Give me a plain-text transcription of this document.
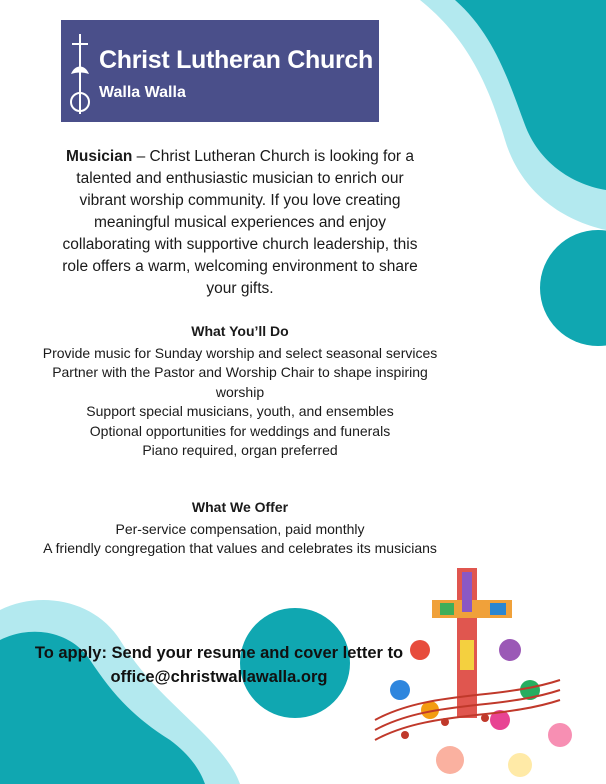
Christ Lutheran Church
Walla Walla
Musician – Christ Lutheran Church is looking for a talented and enthusiastic musician to enrich our vibrant worship community. If you love creating meaningful musical experiences and enjoy collaborating with supportive church leadership, this role offers a warm, welcoming environment to share your gifts.
What You’ll Do

Provide music for Sunday worship and select seasonal services

Partner with the Pastor and Worship Chair to shape inspiring worship

Support special musicians, youth, and ensembles

Optional opportunities for weddings and funerals

Piano required, organ preferred

What We Offer

Per-service compensation, paid monthly

A friendly congregation that values and celebrates its musicians

To apply: Send your resume and cover letter to
office@christwallawalla.org
